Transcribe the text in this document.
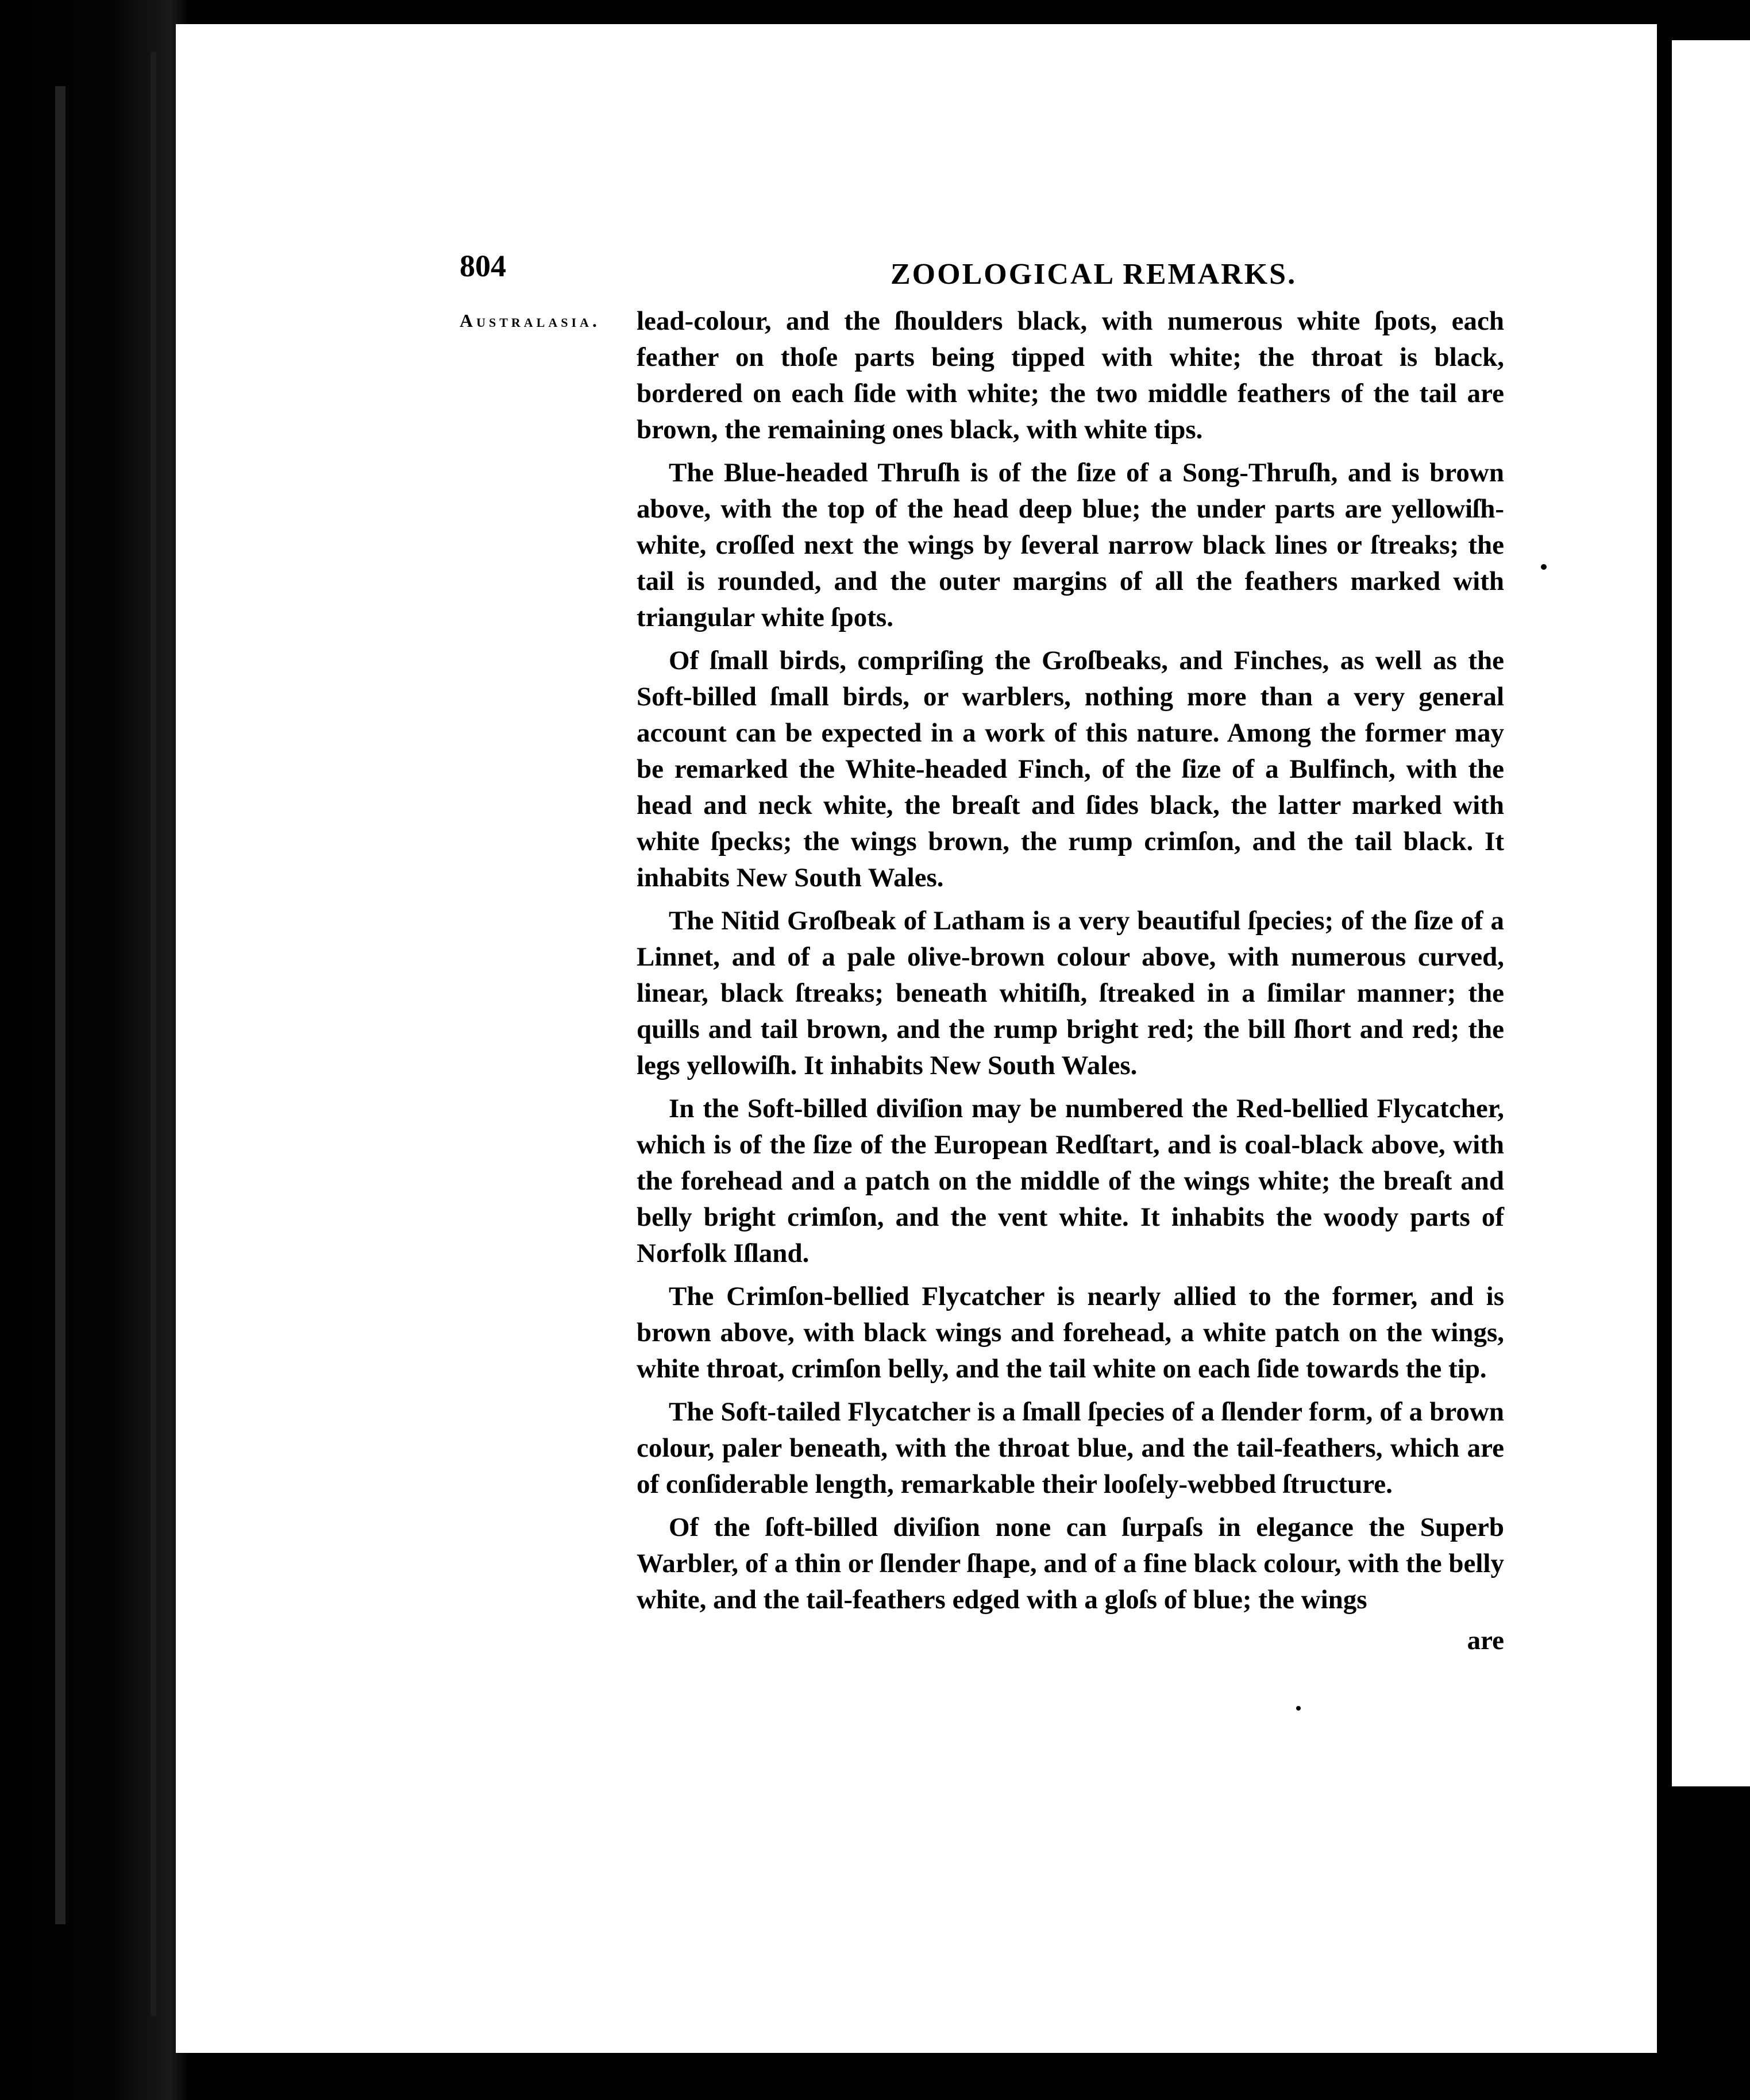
804	ZOOLOGICAL REMARKS.
Australasia. lead-colour, and the ſhoulders black, with numerous white ſpots, each feather on thoſe parts being tipped with white; the throat is black, bordered on each ſide with white; the two middle feathers of the tail are brown, the remaining ones black, with white tips.

The Blue-headed Thruſh is of the ſize of a Song-Thruſh, and is brown above, with the top of the head deep blue; the under parts are yellowiſh-white, croſſed next the wings by ſeveral narrow black lines or ſtreaks; the tail is rounded, and the outer margins of all the feathers marked with triangular white ſpots.

Of ſmall birds, compriſing the Groſbeaks, and Finches, as well as the Soft-billed ſmall birds, or warblers, nothing more than a very general account can be expected in a work of this nature. Among the former may be remarked the White-headed Finch, of the ſize of a Bulfinch, with the head and neck white, the breaſt and ſides black, the latter marked with white ſpecks; the wings brown, the rump crimſon, and the tail black. It inhabits New South Wales.

The Nitid Groſbeak of Latham is a very beautiful ſpecies; of the ſize of a Linnet, and of a pale olive-brown colour above, with numerous curved, linear, black ſtreaks; beneath whitiſh, ſtreaked in a ſimilar manner; the quills and tail brown, and the rump bright red; the bill ſhort and red; the legs yellowiſh. It inhabits New South Wales.

In the Soft-billed diviſion may be numbered the Red-bellied Flycatcher, which is of the ſize of the European Redſtart, and is coal-black above, with the forehead and a patch on the middle of the wings white; the breaſt and belly bright crimſon, and the vent white. It inhabits the woody parts of Norfolk Iſland.

The Crimſon-bellied Flycatcher is nearly allied to the former, and is brown above, with black wings and forehead, a white patch on the wings, white throat, crimſon belly, and the tail white on each ſide towards the tip.

The Soft-tailed Flycatcher is a ſmall ſpecies of a ſlender form, of a brown colour, paler beneath, with the throat blue, and the tail-feathers, which are of conſiderable length, remarkable their looſely-webbed ſtructure.

Of the ſoft-billed diviſion none can ſurpaſs in elegance the Superb Warbler, of a thin or ſlender ſhape, and of a fine black colour, with the belly white, and the tail-feathers edged with a gloſs of blue; the wings

are
